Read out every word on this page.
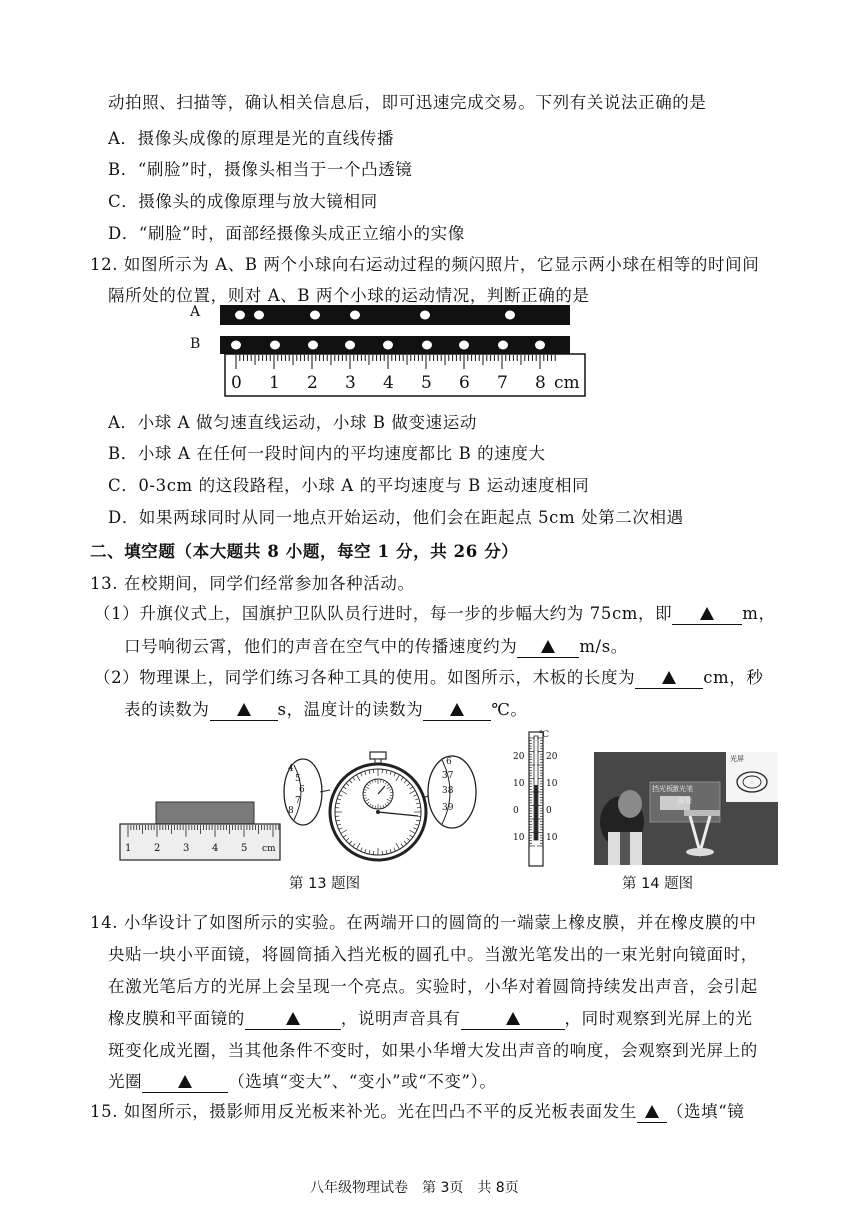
动拍照、扫描等，确认相关信息后，即可迅速完成交易。下列有关说法正确的是
A．摄像头成像的原理是光的直线传播
B．“刷脸”时，摄像头相当于一个凸透镜
C．摄像头的成像原理与放大镜相同
D．“刷脸”时，面部经摄像头成正立缩小的实像
12. 如图所示为 A、B 两个小球向右运动过程的频闪照片，它显示两小球在相等的时间间
隔所处的位置，则对 A、B 两个小球的运动情况，判断正确的是
A
B
0 1 2 3 4 5 6 7 8 cm
A．小球 A 做匀速直线运动，小球 B 做变速运动
B．小球 A 在任何一段时间内的平均速度都比 B 的速度大
C．0-3cm 的这段路程，小球 A 的平均速度与 B 运动速度相同
D．如果两球同时从同一地点开始运动，他们会在距起点 5cm 处第二次相遇
二、填空题（本大题共 8 小题，每空 1 分，共 26 分）
13. 在校期间，同学们经常参加各种活动。
（1）升旗仪式上，国旗护卫队队员行进时，每一步的步幅大约为 75cm，即	m，
口号响彻云霄，他们的声音在空气中的传播速度约为	m/s。
（2）物理课上，同学们练习各种工具的使用。如图所示，木板的长度为	cm，秒
表的读数为	s，温度计的读数为	℃。
1 2 3 4 5 cm
4
5
6
7
8
6
37
38
39
℃
20
10
0
10
20
10
0
10
光屏
激光笔
挡光板
圆筒
第 13 题图	第 14 题图
14. 小华设计了如图所示的实验。在两端开口的圆筒的一端蒙上橡皮膜，并在橡皮膜的中
央贴一块小平面镜，将圆筒插入挡光板的圆孔中。当激光笔发出的一束光射向镜面时，
在激光笔后方的光屏上会呈现一个亮点。实验时，小华对着圆筒持续发出声音，会引起
橡皮膜和平面镜的	，说明声音具有	，同时观察到光屏上的光
斑变化成光圈，当其他条件不变时，如果小华增大发出声音的响度，会观察到光屏上的
光圈	（选填“变大”、“变小”或“不变”）。
15. 如图所示，摄影师用反光板来补光。光在凹凸不平的反光板表面发生 （选填“镜
八年级物理试卷　第 3页　共 8页
